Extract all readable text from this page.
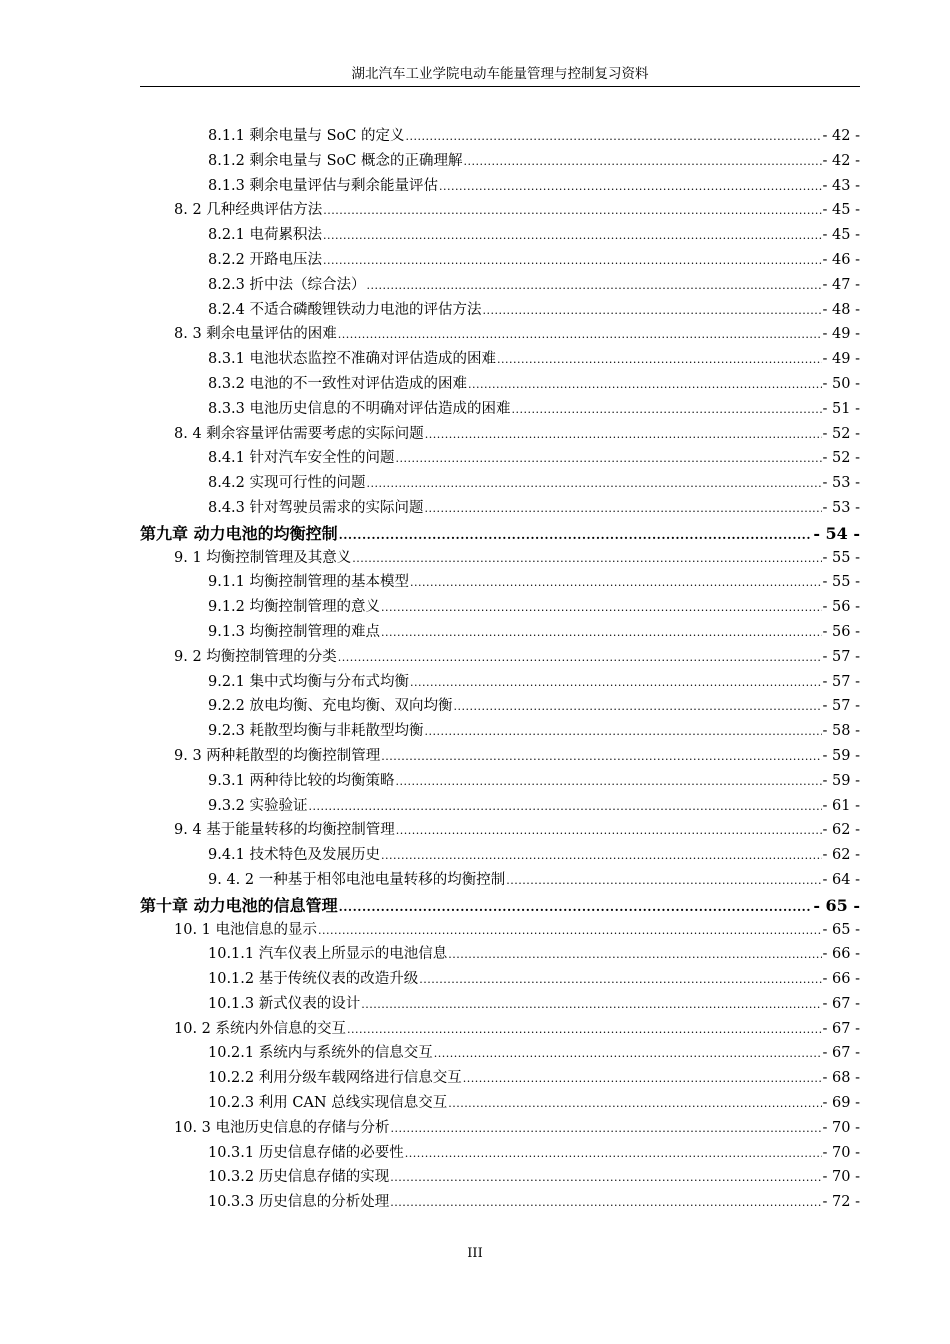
湖北汽车工业学院电动车能量管理与控制复习资料
8.1.1 剩余电量与 SoC 的定义 .....	- 42 -
8.1.2 剩余电量与 SoC 概念的正确理解 .....	- 42 -
8.1.3 剩余电量评估与剩余能量评估 .....	- 43 -
8. 2 几种经典评估方法 .....	- 45 -
8.2.1 电荷累积法 .....	- 45 -
8.2.2 开路电压法 .....	- 46 -
8.2.3 折中法（综合法） .....	- 47 -
8.2.4 不适合磷酸锂铁动力电池的评估方法 .....	- 48 -
8. 3 剩余电量评估的困难 .....	- 49 -
8.3.1 电池状态监控不准确对评估造成的困难 .....	- 49 -
8.3.2 电池的不一致性对评估造成的困难 .....	- 50 -
8.3.3 电池历史信息的不明确对评估造成的困难 .....	- 51 -
8. 4 剩余容量评估需要考虑的实际问题 .....	- 52 -
8.4.1 针对汽车安全性的问题 .....	- 52 -
8.4.2 实现可行性的问题 .....	- 53 -
8.4.3 针对驾驶员需求的实际问题 .....	- 53 -
第九章 动力电池的均衡控制 .....	- 54 -
9. 1 均衡控制管理及其意义 .....	- 55 -
9.1.1 均衡控制管理的基本模型 .....	- 55 -
9.1.2 均衡控制管理的意义 .....	- 56 -
9.1.3 均衡控制管理的难点 .....	- 56 -
9. 2 均衡控制管理的分类 .....	- 57 -
9.2.1 集中式均衡与分布式均衡 .....	- 57 -
9.2.2 放电均衡、充电均衡、双向均衡 .....	- 57 -
9.2.3 耗散型均衡与非耗散型均衡 .....	- 58 -
9. 3 两种耗散型的均衡控制管理 .....	- 59 -
9.3.1 两种待比较的均衡策略 .....	- 59 -
9.3.2 实验验证 .....	- 61 -
9. 4 基于能量转移的均衡控制管理 .....	- 62 -
9.4.1 技术特色及发展历史 .....	- 62 -
9. 4. 2 一种基于相邻电池电量转移的均衡控制 .....	- 64 -
第十章 动力电池的信息管理 .....	- 65 -
10. 1 电池信息的显示 .....	- 65 -
10.1.1 汽车仪表上所显示的电池信息 .....	- 66 -
10.1.2 基于传统仪表的改造升级 .....	- 66 -
10.1.3 新式仪表的设计 .....	- 67 -
10. 2 系统内外信息的交互 .....	- 67 -
10.2.1 系统内与系统外的信息交互 .....	- 67 -
10.2.2 利用分级车载网络进行信息交互 .....	- 68 -
10.2.3 利用 CAN 总线实现信息交互 .....	- 69 -
10. 3 电池历史信息的存储与分析 .....	- 70 -
10.3.1 历史信息存储的必要性 .....	- 70 -
10.3.2 历史信息存储的实现 .....	- 70 -
10.3.3 历史信息的分析处理 .....	- 72 -
III
